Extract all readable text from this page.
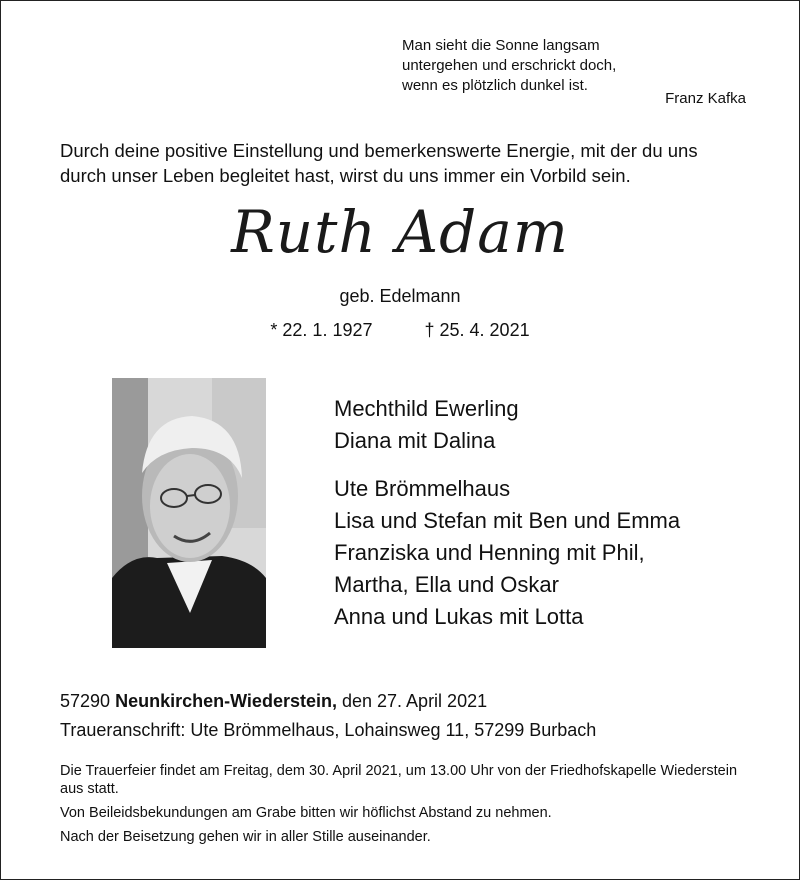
Man sieht die Sonne langsam
untergehen und erschrickt doch,
wenn es plötzlich dunkel ist.
Franz Kafka
Durch deine positive Einstellung und bemerkenswerte Energie, mit der du uns
durch unser Leben begleitet hast, wirst du uns immer ein Vorbild sein.
Ruth Adam
geb. Edelmann
* 22. 1. 1927	† 25. 4. 2021
Mechthild Ewerling
Diana mit Dalina
Ute Brömmelhaus
Lisa und Stefan mit Ben und Emma
Franziska und Henning mit Phil,
Martha, Ella und Oskar
Anna und Lukas mit Lotta
57290 Neunkirchen-Wiederstein, den 27. April 2021
Traueranschrift: Ute Brömmelhaus, Lohainsweg 11, 57299 Burbach

Die Trauerfeier findet am Freitag, dem 30. April 2021, um 13.00 Uhr von der Friedhofskapelle Wiederstein aus statt.

Von Beileidsbekundungen am Grabe bitten wir höflichst Abstand zu nehmen.

Nach der Beisetzung gehen wir in aller Stille auseinander.
